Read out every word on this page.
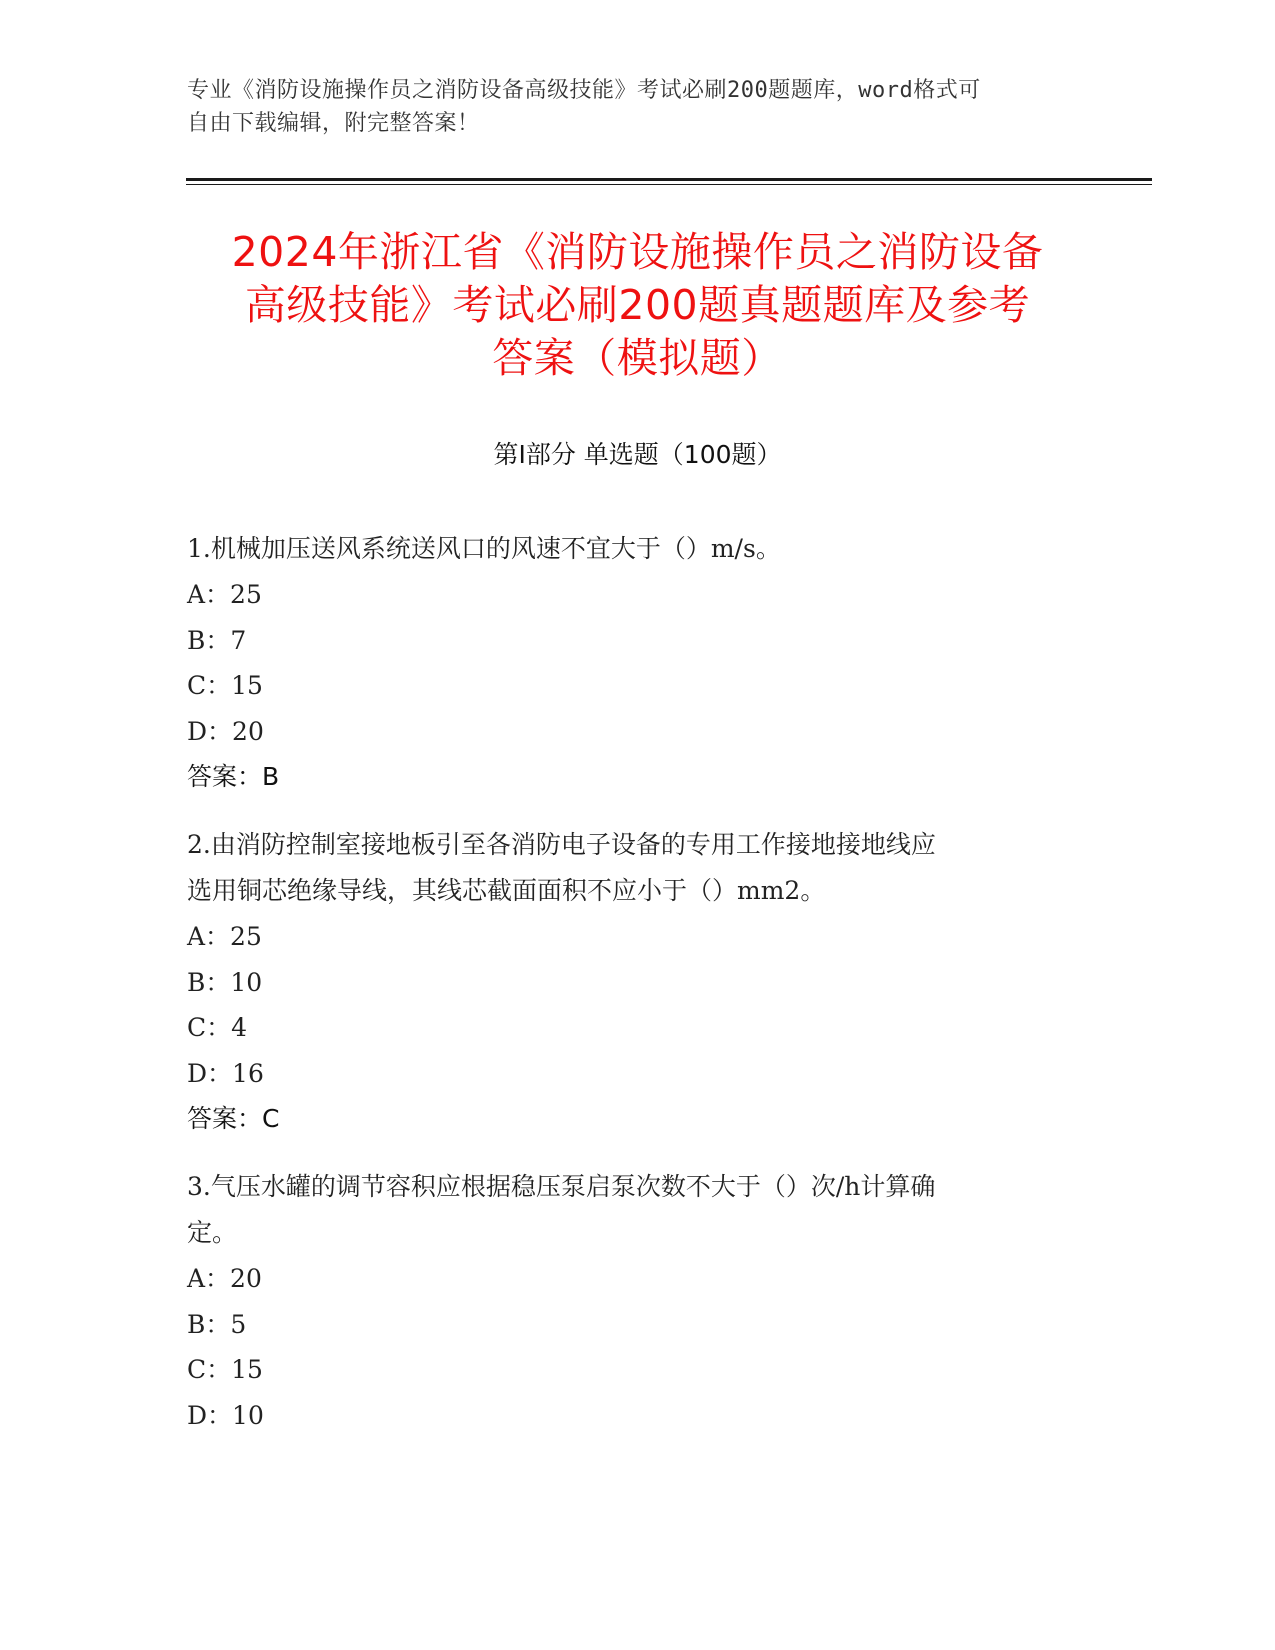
专业《消防设施操作员之消防设备高级技能》考试必刷200题题库，word格式可
自由下载编辑，附完整答案！
2024年浙江省《消防设施操作员之消防设备
高级技能》考试必刷200题真题题库及参考
答案（模拟题）
第Ⅰ部分 单选题（100题）
1.机械加压送风系统送风口的风速不宜大于（）m/s。
A：25
B：7
C：15
D：20
答案：B
2.由消防控制室接地板引至各消防电子设备的专用工作接地接地线应
选用铜芯绝缘导线，其线芯截面面积不应小于（）mm2。
A：25
B：10
C：4
D：16
答案：C
3.气压水罐的调节容积应根据稳压泵启泵次数不大于（）次/h计算确
定。
A：20
B：5
C：15
D：10
